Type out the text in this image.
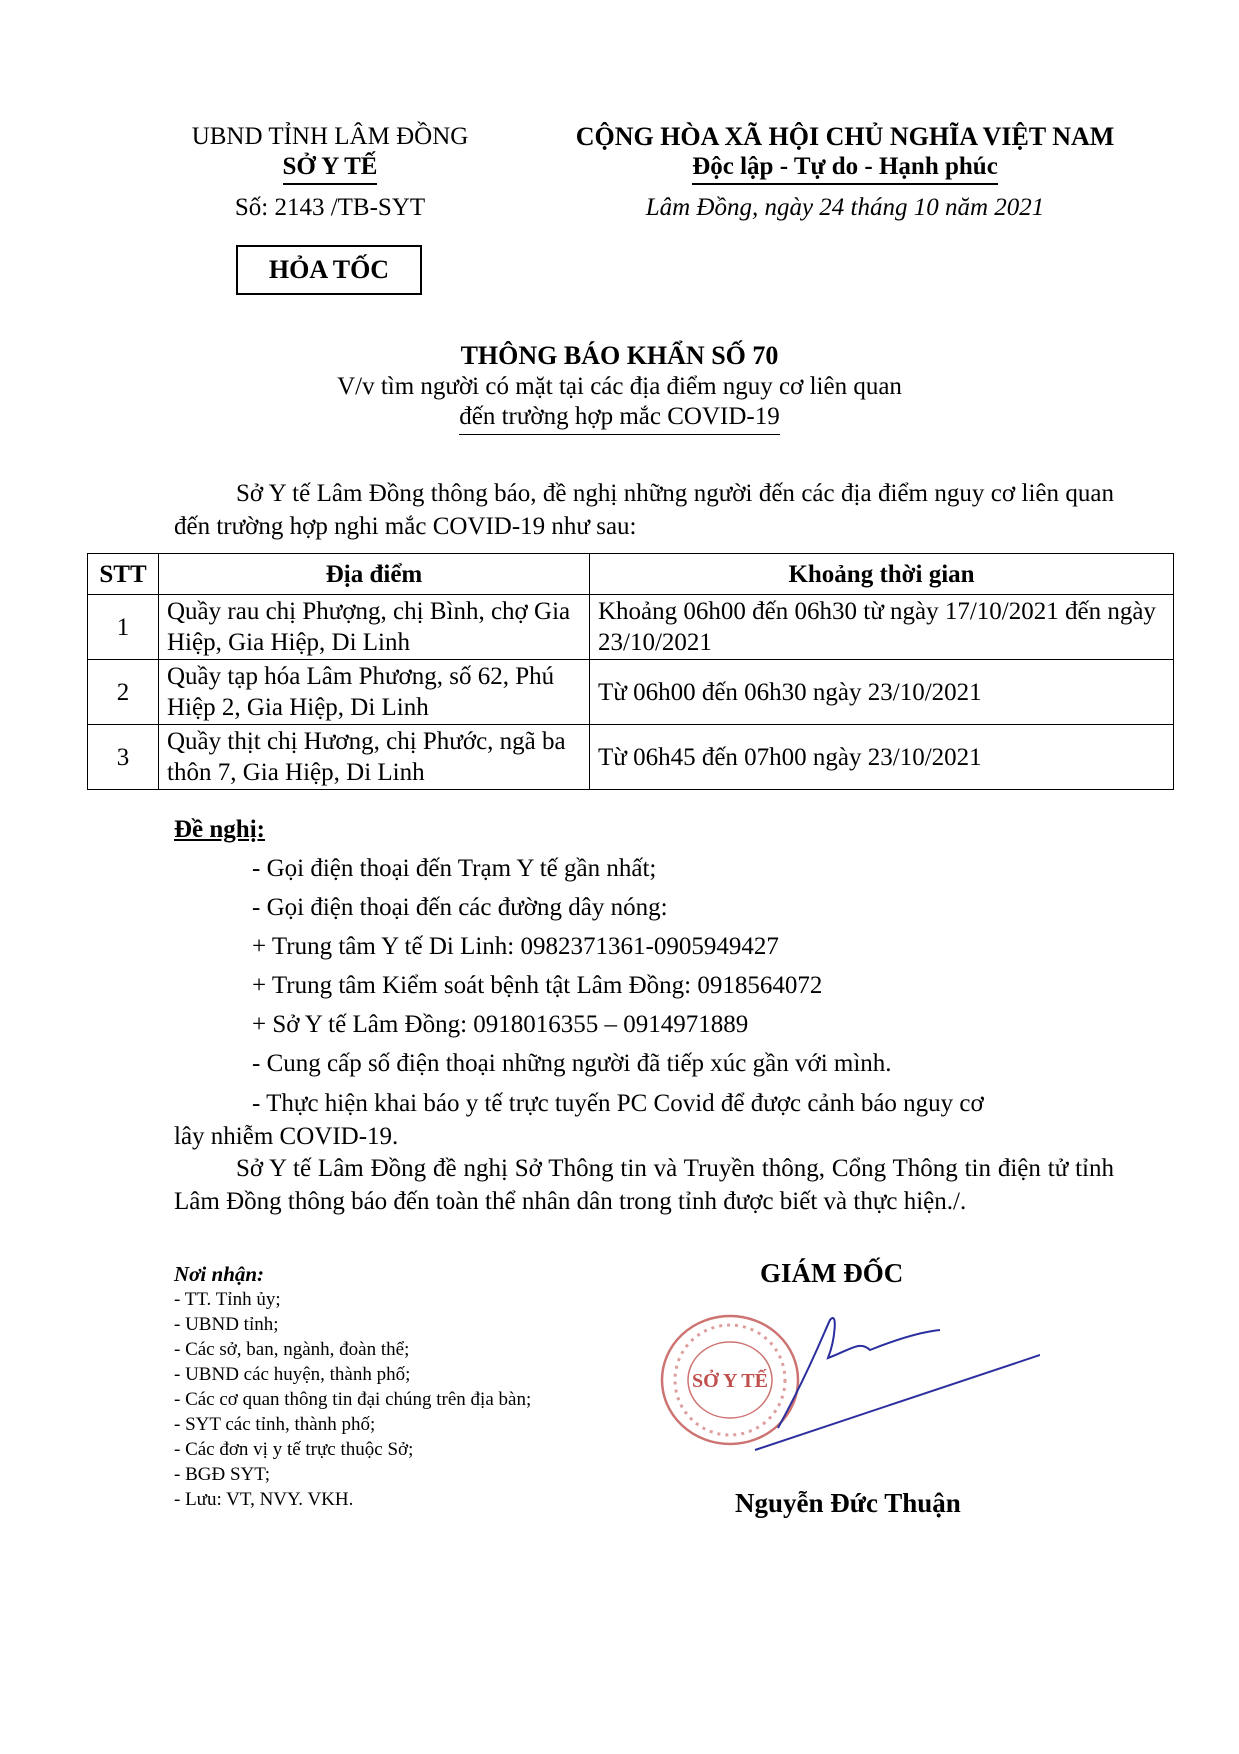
UBND TỈNH LÂM ĐỒNG
SỞ Y TẾ
Số: 2143 /TB-SYT
HỎA TỐC
CỘNG HÒA XÃ HỘI CHỦ NGHĨA VIỆT NAM
Độc lập - Tự do - Hạnh phúc
Lâm Đồng, ngày 24 tháng 10 năm 2021
THÔNG BÁO KHẨN SỐ 70
V/v tìm người có mặt tại các địa điểm nguy cơ liên quan
đến trường hợp mắc COVID-19
Sở Y tế Lâm Đồng thông báo, đề nghị những người đến các địa điểm nguy cơ liên quan đến trường hợp nghi mắc COVID-19 như sau:
STT	Địa điểm	Khoảng thời gian
1	Quầy rau chị Phượng, chị Bình, chợ Gia Hiệp, Gia Hiệp, Di Linh	Khoảng 06h00 đến 06h30 từ ngày 17/10/2021 đến ngày 23/10/2021
2	Quầy tạp hóa Lâm Phương, số 62, Phú Hiệp 2, Gia Hiệp, Di Linh	Từ 06h00 đến 06h30 ngày 23/10/2021
3	Quầy thịt chị Hương, chị Phước, ngã ba thôn 7, Gia Hiệp, Di Linh	Từ 06h45 đến 07h00 ngày 23/10/2021
Đề nghị:
- Gọi điện thoại đến Trạm Y tế gần nhất;
- Gọi điện thoại đến các đường dây nóng:
+ Trung tâm Y tế Di Linh: 0982371361-0905949427
+ Trung tâm Kiểm soát bệnh tật Lâm Đồng: 0918564072
+ Sở Y tế Lâm Đồng: 0918016355 – 0914971889
- Cung cấp số điện thoại những người đã tiếp xúc gần với mình.
- Thực hiện khai báo y tế trực tuyến PC Covid để được cảnh báo nguy cơ
lây nhiễm COVID-19.
Sở Y tế Lâm Đồng đề nghị Sở Thông tin và Truyền thông, Cổng Thông tin điện tử tỉnh Lâm Đồng thông báo đến toàn thể nhân dân trong tỉnh được biết và thực hiện./.
Nơi nhận:
- TT. Tỉnh ủy;
- UBND tỉnh;
- Các sở, ban, ngành, đoàn thể;
- UBND các huyện, thành phố;
- Các cơ quan thông tin đại chúng trên địa bàn;
- SYT các tỉnh, thành phố;
- Các đơn vị y tế trực thuộc Sở;
- BGĐ SYT;
- Lưu: VT, NVY. VKH.
GIÁM ĐỐC
SỞ Y TẾ
Nguyễn Đức Thuận
